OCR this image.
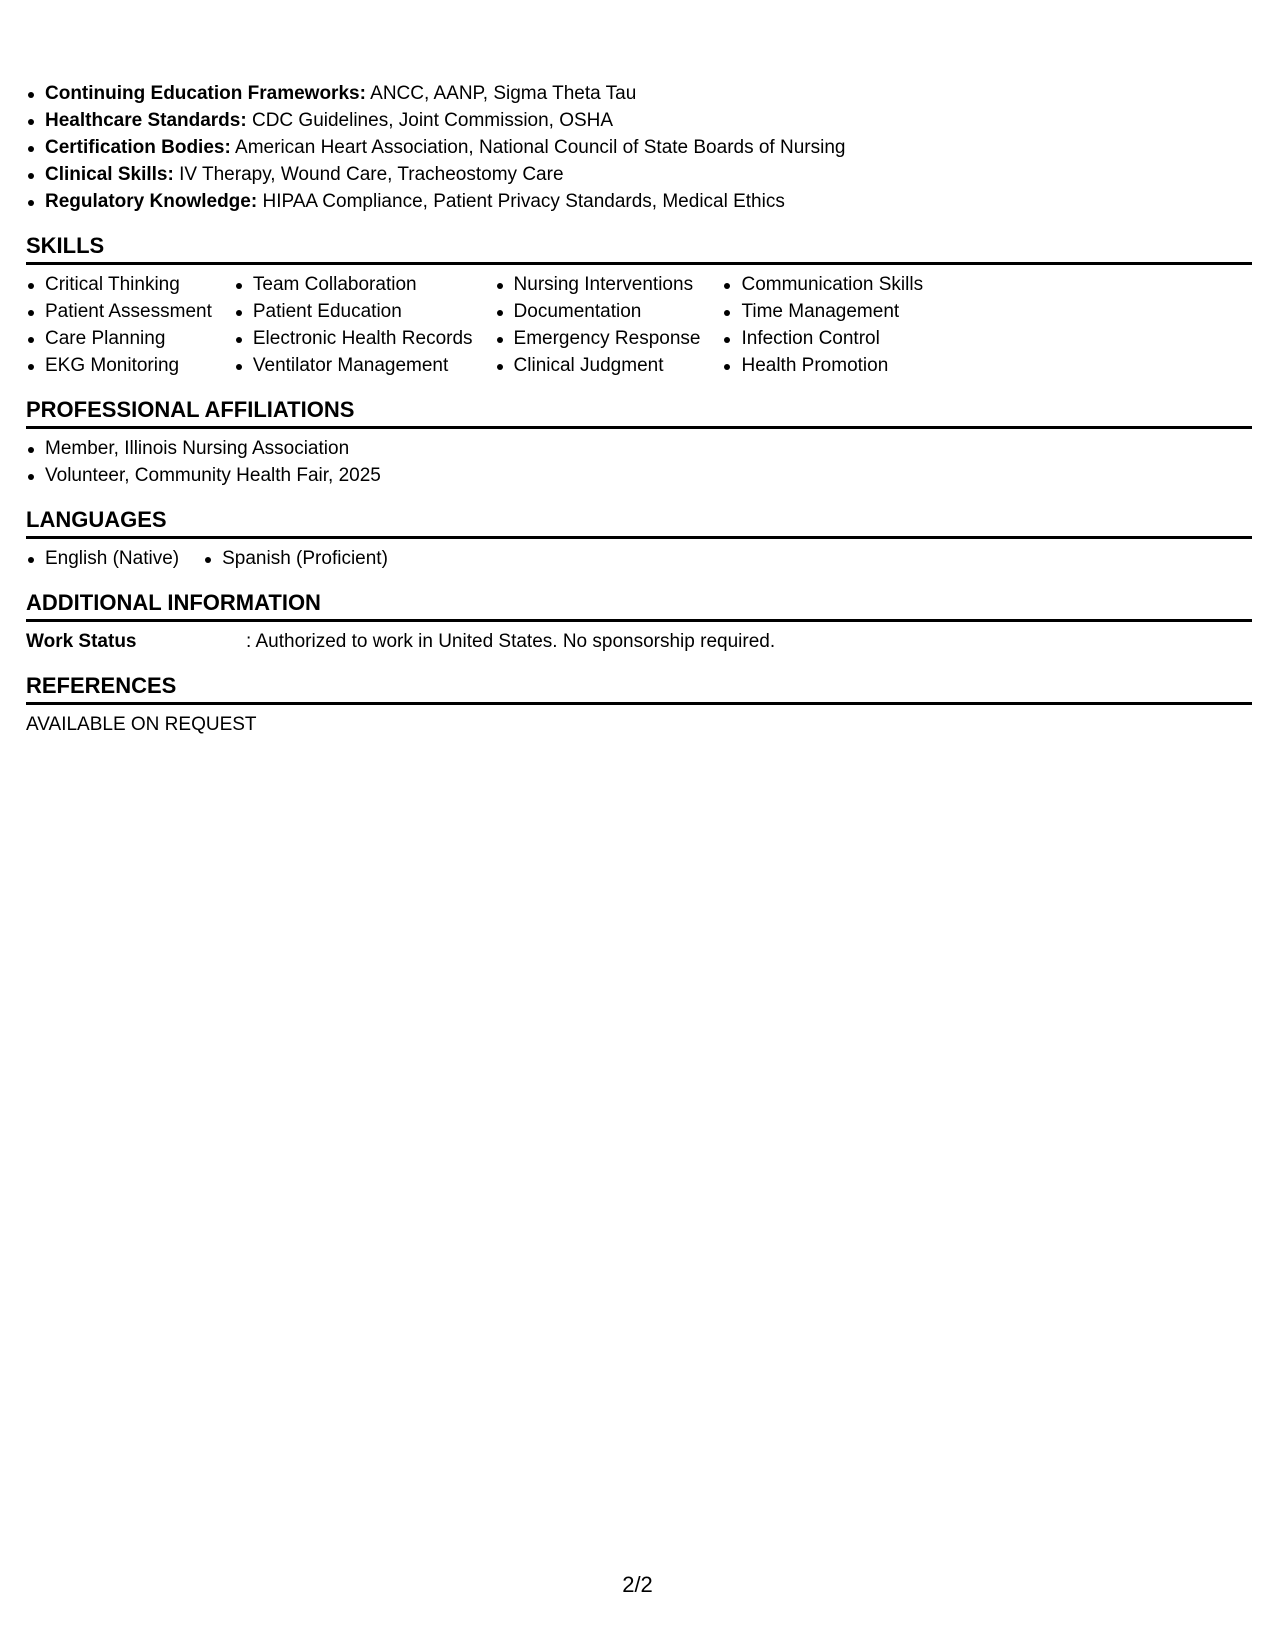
Continuing Education Frameworks: ANCC, AANP, Sigma Theta Tau
Healthcare Standards: CDC Guidelines, Joint Commission, OSHA
Certification Bodies: American Heart Association, National Council of State Boards of Nursing
Clinical Skills: IV Therapy, Wound Care, Tracheostomy Care
Regulatory Knowledge: HIPAA Compliance, Patient Privacy Standards, Medical Ethics
SKILLS
Critical Thinking
Patient Assessment
Care Planning
EKG Monitoring
Team Collaboration
Patient Education
Electronic Health Records
Ventilator Management
Nursing Interventions
Documentation
Emergency Response
Clinical Judgment
Communication Skills
Time Management
Infection Control
Health Promotion
PROFESSIONAL AFFILIATIONS
Member, Illinois Nursing Association
Volunteer, Community Health Fair, 2025
LANGUAGES
English (Native)	Spanish (Proficient)
ADDITIONAL INFORMATION
Work Status	: Authorized to work in United States. No sponsorship required.
REFERENCES
AVAILABLE ON REQUEST
2/2
